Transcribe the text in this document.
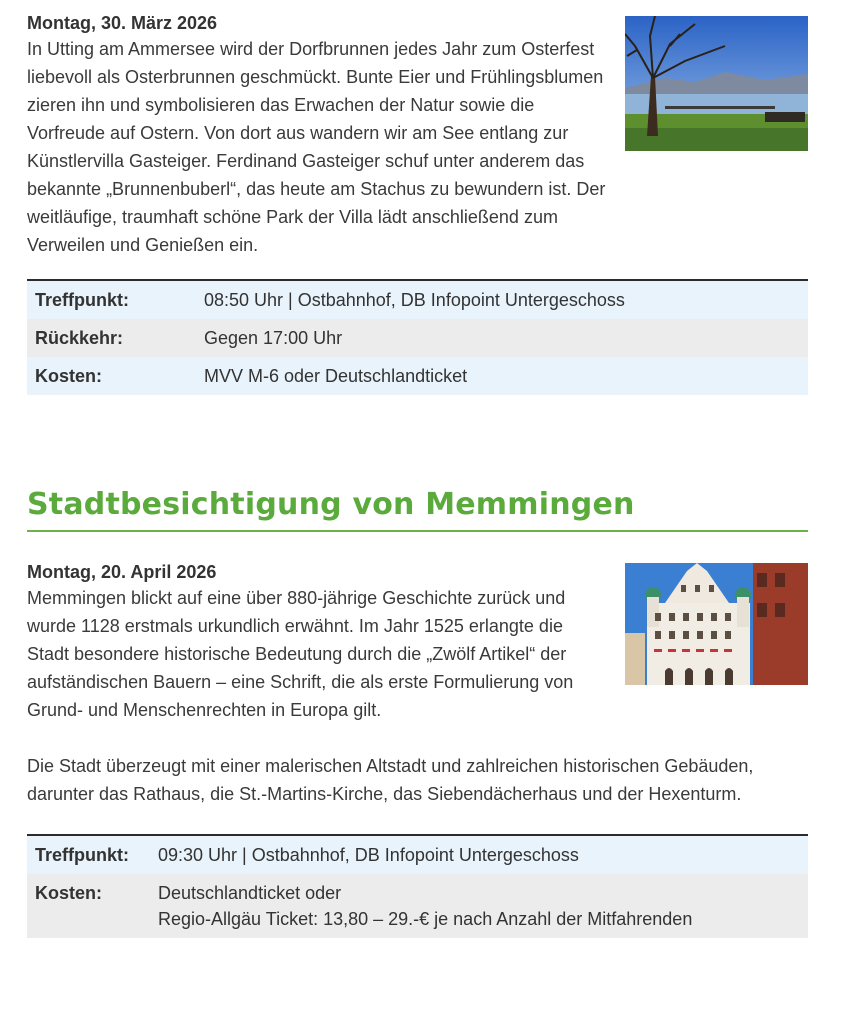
Montag, 30. März 2026

In Utting am Ammersee wird der Dorfbrunnen jedes Jahr zum Osterfest liebevoll als Osterbrunnen geschmückt. Bunte Eier und Frühlingsblumen zieren ihn und symbolisieren das Erwachen der Natur sowie die Vorfreude auf Ostern. Von dort aus wandern wir am See entlang zur Künstlervilla Gasteiger. Ferdinand Gasteiger schuf unter anderem das bekannte „Brunnenbuberl“, das heute am Stachus zu bewundern ist. Der weitläufige, traumhaft schöne Park der Villa lädt anschließend zum Verweilen und Genießen ein.

Treffpunkt:	08:50 Uhr | Ostbahnhof, DB Infopoint Untergeschoss
Rückkehr:	Gegen 17:00 Uhr
Kosten:	MVV M-6 oder Deutschlandticket
Stadtbesichtigung von Memmingen
Montag, 20. April 2026

Memmingen blickt auf eine über 880-jährige Geschichte zurück und wurde 1128 erstmals urkundlich erwähnt. Im Jahr 1525 erlangte die Stadt besondere historische Bedeutung durch die „Zwölf Artikel“ der aufständischen Bauern – eine Schrift, die als erste Formulierung von Grund- und Menschenrechten in Europa gilt.

Die Stadt überzeugt mit einer malerischen Altstadt und zahlreichen historischen Gebäuden, darunter das Rathaus, die St.-Martins-Kirche, das Siebendächerhaus und der Hexenturm.

Treffpunkt:	09:30 Uhr | Ostbahnhof, DB Infopoint Untergeschoss
Kosten:	Deutschlandticket oder
Regio-Allgäu Ticket: 13,80 – 29.-€ je nach Anzahl der Mitfahrenden
